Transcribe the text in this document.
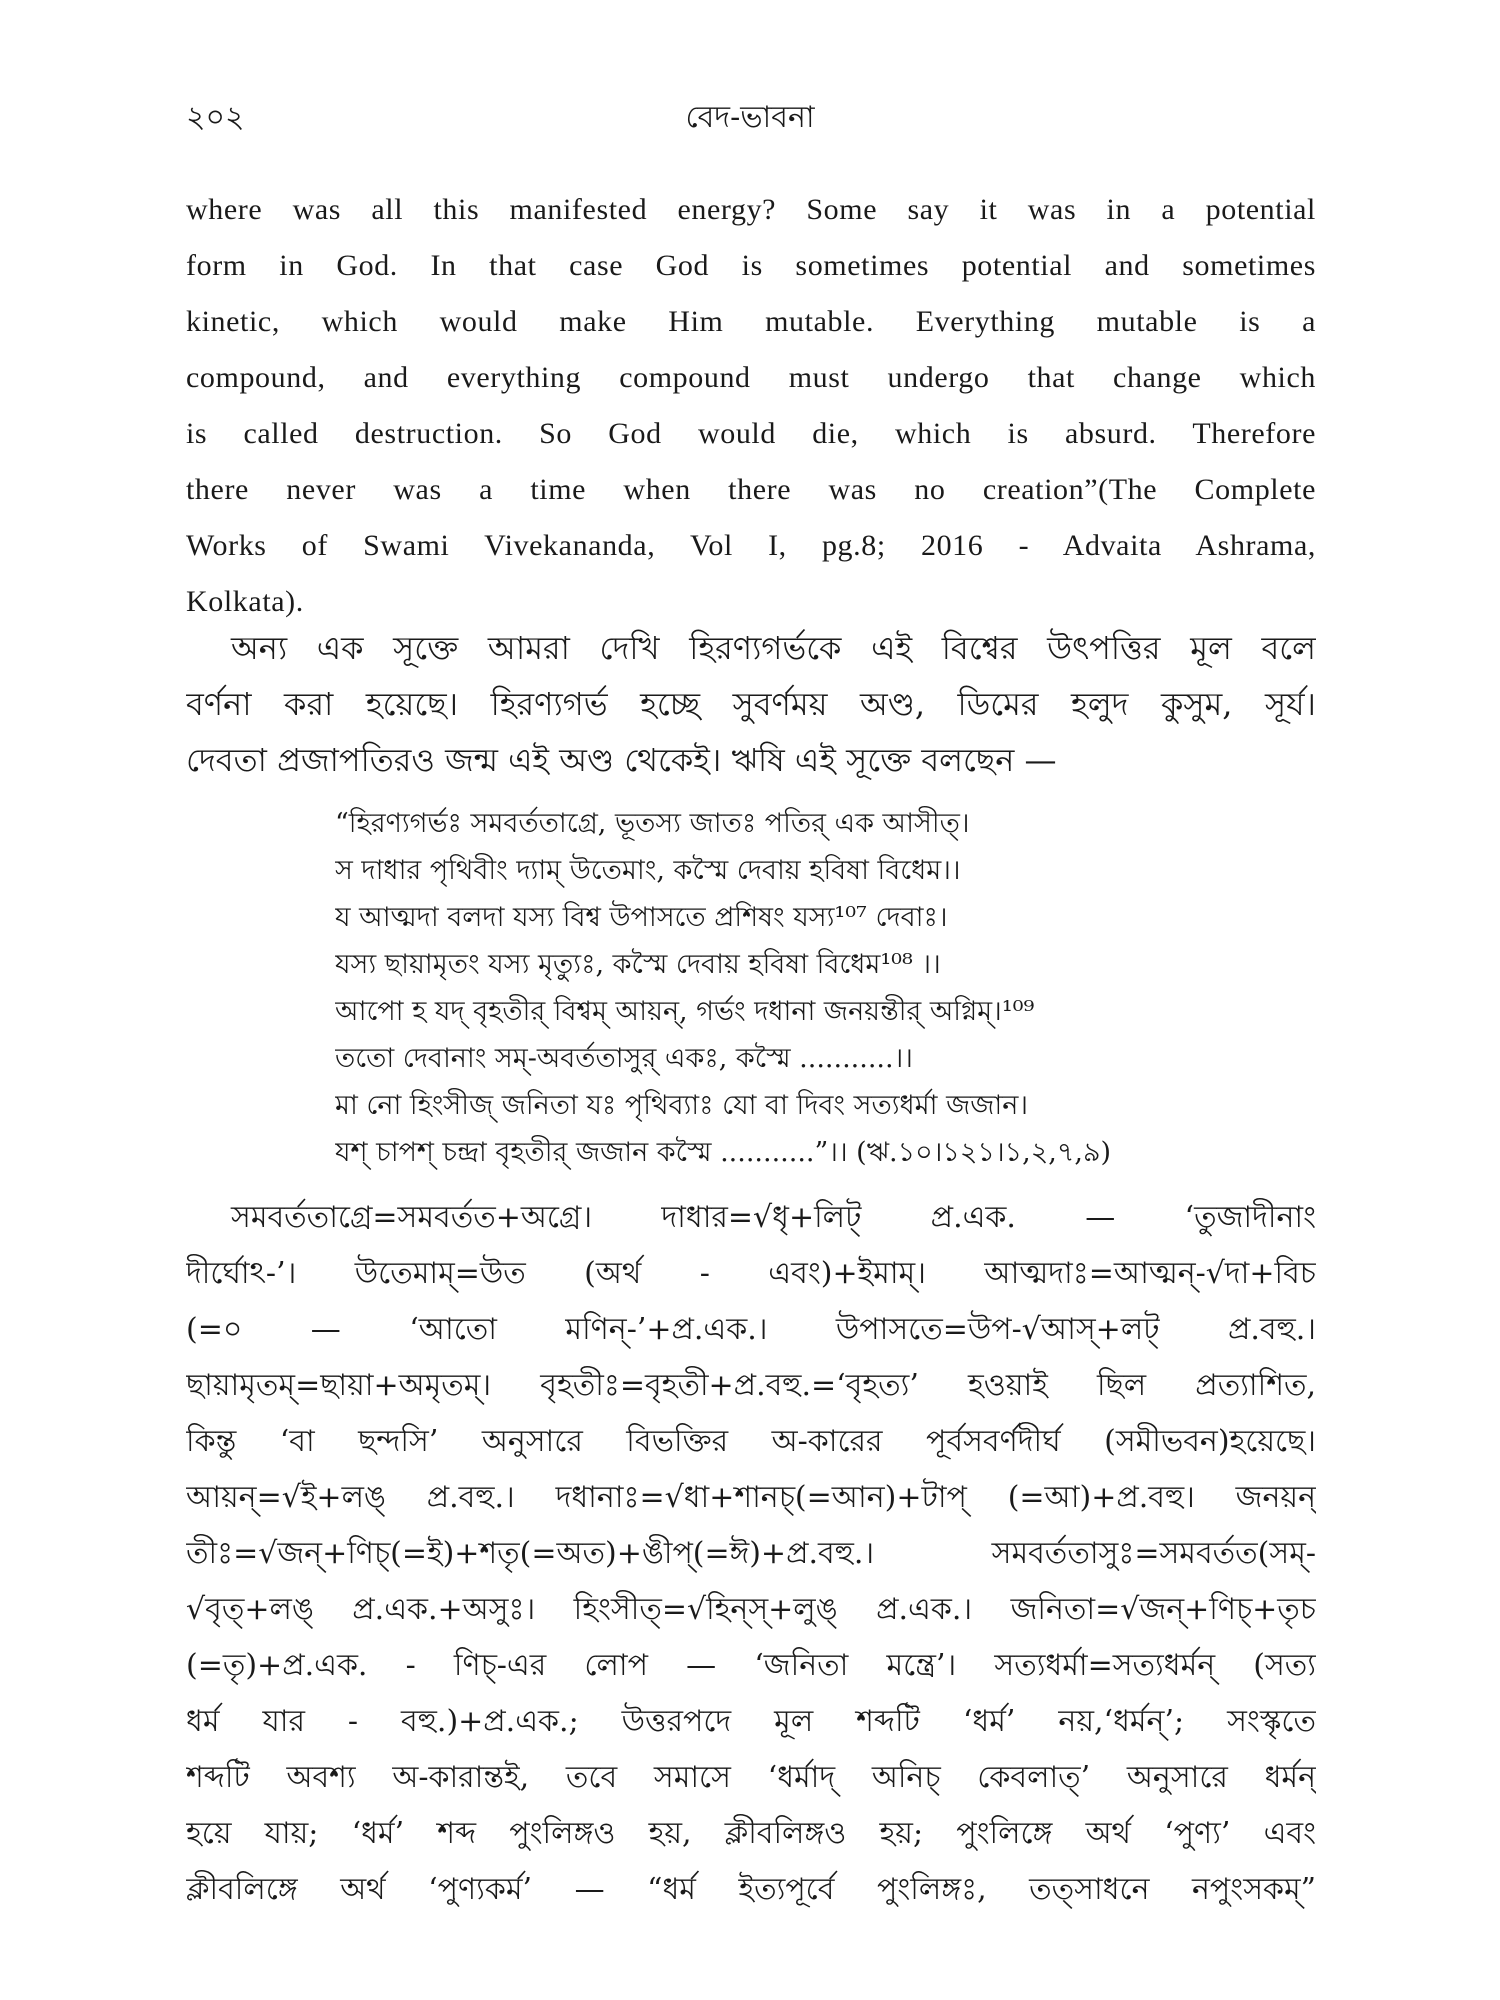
২০২	বেদ-ভাবনা
where was all this manifested energy? Some say it was in a potential
form in God. In that case God is sometimes potential and sometimes
kinetic, which would make Him mutable. Everything mutable is a
compound, and everything compound must undergo that change which
is called destruction. So God would die, which is absurd. Therefore
there never was a time when there was no creation”(The Complete
Works of Swami Vivekananda, Vol I, pg.8; 2016 - Advaita Ashrama,
Kolkata).
অন্য এক সূক্তে আমরা দেখি হিরণ্যগর্ভকে এই বিশ্বের উৎপত্তির মূল বলে
বর্ণনা করা হয়েছে। হিরণ্যগর্ভ হচ্ছে সুবর্ণময় অণ্ড, ডিমের হলুদ কুসুম, সূর্য।
দেবতা প্রজাপতিরও জন্ম এই অণ্ড থেকেই। ঋষি এই সূক্তে বলছেন —
“হিরণ্যগর্ভঃ সমবর্ততাগ্রে, ভূতস্য জাতঃ পতির্ এক আসীত্।
স দাধার পৃথিবীং দ্যাম্ উতেমাং, কস্মৈ দেবায় হবিষা বিধেম।।
য আত্মদা বলদা যস্য বিশ্ব উপাসতে প্রশিষং যস্য¹⁰⁷ দেবাঃ।
যস্য ছায়ামৃতং যস্য মৃত্যুঃ, কস্মৈ দেবায় হবিষা বিধেম¹⁰⁸ ।।
আপো হ যদ্ বৃহতীর্ বিশ্বম্ আয়ন্, গর্ভং দধানা জনয়ন্তীর্ অগ্নিম্।¹⁰⁹
ততো দেবানাং সম্-অবর্ততাসুর্ একঃ, কস্মৈ ...........।।
মা নো হিংসীজ্ জনিতা যঃ পৃথিব্যাঃ যো বা দিবং সত্যধর্মা জজান।
যশ্ চাপশ্ চন্দ্রা বৃহতীর্ জজান কস্মৈ ...........”।। (ঋ.১০।১২১।১,২,৭,৯)
সমবর্ততাগ্রে=সমবর্তত+অগ্রে। দাধার=√ধৃ+লিট্ প্র.এক. — ‘তুজাদীনাং
দীর্ঘোঽ-’। উতেমাম্=উত (অর্থ - এবং)+ইমাম্। আত্মদাঃ=আত্মন্-√দা+বিচ
(=০ — ‘আতো মণিন্-’+প্র.এক.। উপাসতে=উপ-√আস্+লট্ প্র.বহু.।
ছায়ামৃতম্=ছায়া+অমৃতম্। বৃহতীঃ=বৃহতী+প্র.বহু.=‘বৃহত্য’ হওয়াই ছিল প্রত্যাশিত,
কিন্তু ‘বা ছন্দসি’ অনুসারে বিভক্তির অ-কারের পূর্বসবর্ণদীর্ঘ (সমীভবন)হয়েছে।
আয়ন্=√ই+লঙ্ প্র.বহু.। দধানাঃ=√ধা+শানচ্(=আন)+টাপ্ (=আ)+প্র.বহু। জনয়ন্
তীঃ=√জন্+ণিচ্(=ই)+শতৃ(=অত)+ঙীপ্(=ঈ)+প্র.বহু.। সমবর্ততাসুঃ=সমবর্তত(সম্-
√বৃত্+লঙ্ প্র.এক.+অসুঃ। হিংসীত্=√হিন্স্+লুঙ্ প্র.এক.। জনিতা=√জন্+ণিচ্+তৃচ
(=তৃ)+প্র.এক. - ণিচ্-এর লোপ — ‘জনিতা মন্ত্রে’। সত্যধর্মা=সত্যধর্মন্ (সত্য
ধর্ম যার - বহু.)+প্র.এক.; উত্তরপদে মূল শব্দটি ‘ধর্ম’ নয়,‘ধর্মন্’; সংস্কৃতে
শব্দটি অবশ্য অ-কারান্তই, তবে সমাসে ‘ধর্মাদ্ অনিচ্ কেবলাত্’ অনুসারে ধর্মন্
হয়ে যায়; ‘ধর্ম’ শব্দ পুংলিঙ্গও হয়, ক্লীবলিঙ্গও হয়; পুংলিঙ্গে অর্থ ‘পুণ্য’ এবং
ক্লীবলিঙ্গে অর্থ ‘পুণ্যকর্ম’ — “ধর্ম ইত্যপূর্বে পুংলিঙ্গঃ, তত্সাধনে নপুংসকম্”
